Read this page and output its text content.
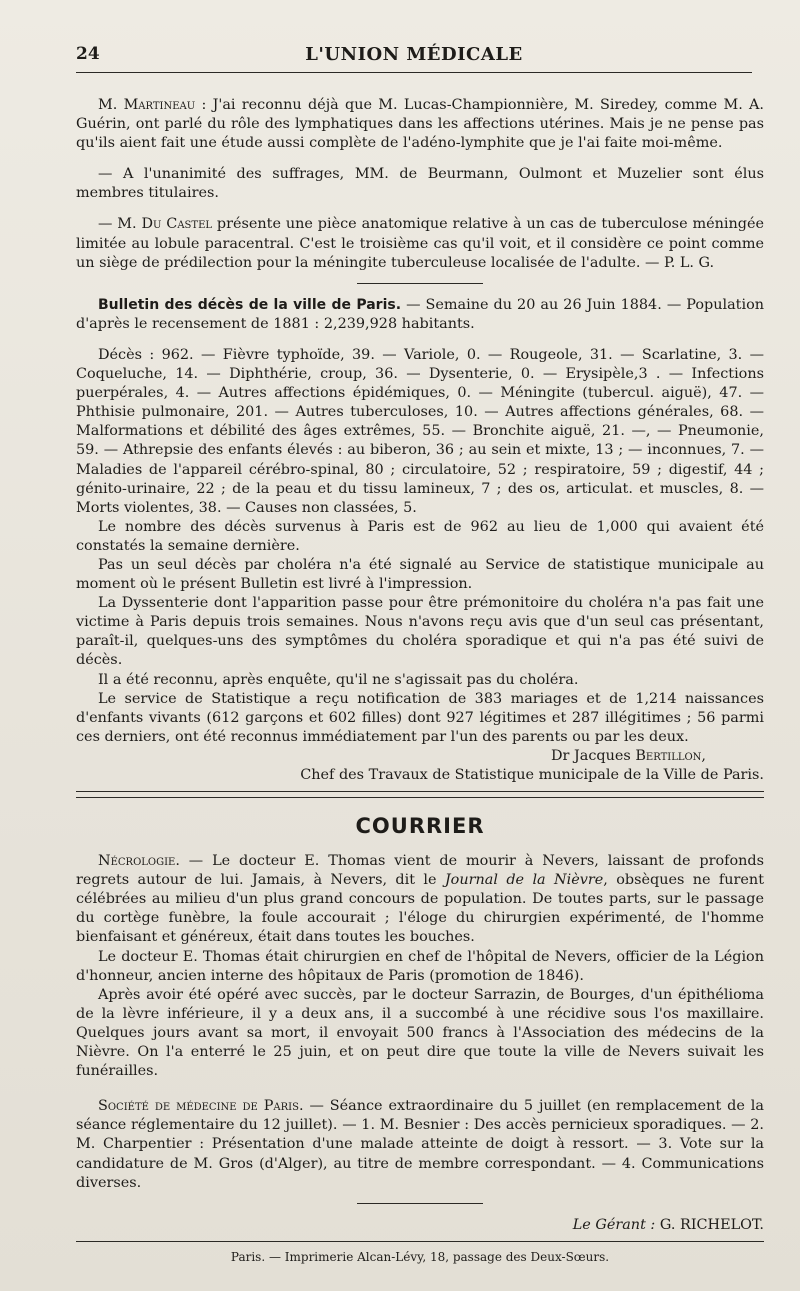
24	L'UNION MÉDICALE

M. Martineau : J'ai reconnu déjà que M. Lucas-Championnière, M. Siredey, comme M. A. Guérin, ont parlé du rôle des lymphatiques dans les affections utérines. Mais je ne pense pas qu'ils aient fait une étude aussi complète de l'adéno-lymphite que je l'ai faite moi-même.

— A l'unanimité des suffrages, MM. de Beurmann, Oulmont et Muzelier sont élus membres titulaires.

— M. Du Castel présente une pièce anatomique relative à un cas de tuberculose méningée limitée au lobule paracentral. C'est le troisième cas qu'il voit, et il considère ce point comme un siège de prédilection pour la méningite tuberculeuse localisée de l'adulte. — P. L. G.

Bulletin des décès de la ville de Paris. — Semaine du 20 au 26 Juin 1884. — Population d'après le recensement de 1881 : 2,239,928 habitants.

Décès : 962. — Fièvre typhoïde, 39. — Variole, 0. — Rougeole, 31. — Scarlatine, 3. — Coqueluche, 14. — Diphthérie, croup, 36. — Dysenterie, 0. — Erysipèle,3 . — Infections puerpérales, 4. — Autres affections épidémiques, 0. — Méningite (tubercul. aiguë), 47. — Phthisie pulmonaire, 201. — Autres tuberculoses, 10. — Autres affections générales, 68. — Malformations et débilité des âges extrêmes, 55. — Bronchite aiguë, 21. —, — Pneumonie, 59. — Athrepsie des enfants élevés : au biberon, 36 ; au sein et mixte, 13 ; — inconnues, 7. — Maladies de l'appareil cérébro-spinal, 80 ; circulatoire, 52 ; respiratoire, 59 ; digestif, 44 ; génito-urinaire, 22 ; de la peau et du tissu lamineux, 7 ; des os, articulat. et muscles, 8. — Morts violentes, 38. — Causes non classées, 5.

Le nombre des décès survenus à Paris est de 962 au lieu de 1,000 qui avaient été constatés la semaine dernière.

Pas un seul décès par choléra n'a été signalé au Service de statistique municipale au moment où le présent Bulletin est livré à l'impression.

La Dyssenterie dont l'apparition passe pour être prémonitoire du choléra n'a pas fait une victime à Paris depuis trois semaines. Nous n'avons reçu avis que d'un seul cas présentant, paraît-il, quelques-uns des symptômes du choléra sporadique et qui n'a pas été suivi de décès.

Il a été reconnu, après enquête, qu'il ne s'agissait pas du choléra.

Le service de Statistique a reçu notification de 383 mariages et de 1,214 naissances d'enfants vivants (612 garçons et 602 filles) dont 927 légitimes et 287 illégitimes ; 56 parmi ces derniers, ont été reconnus immédiatement par l'un des parents ou par les deux.

Dr Jacques Bertillon,
Chef des Travaux de Statistique municipale de la Ville de Paris.
COURRIER

Nécrologie. — Le docteur E. Thomas vient de mourir à Nevers, laissant de profonds regrets autour de lui. Jamais, à Nevers, dit le Journal de la Nièvre, obsèques ne furent célébrées au milieu d'un plus grand concours de population. De toutes parts, sur le passage du cortège funèbre, la foule accourait ; l'éloge du chirurgien expérimenté, de l'homme bienfaisant et généreux, était dans toutes les bouches.

Le docteur E. Thomas était chirurgien en chef de l'hôpital de Nevers, officier de la Légion d'honneur, ancien interne des hôpitaux de Paris (promotion de 1846).

Après avoir été opéré avec succès, par le docteur Sarrazin, de Bourges, d'un épithélioma de la lèvre inférieure, il y a deux ans, il a succombé à une récidive sous l'os maxillaire. Quelques jours avant sa mort, il envoyait 500 francs à l'Association des médecins de la Nièvre. On l'a enterré le 25 juin, et on peut dire que toute la ville de Nevers suivait les funérailles.

Société de médecine de Paris. — Séance extraordinaire du 5 juillet (en remplacement de la séance réglementaire du 12 juillet). — 1. M. Besnier : Des accès pernicieux sporadiques. — 2. M. Charpentier : Présentation d'une malade atteinte de doigt à ressort. — 3. Vote sur la candidature de M. Gros (d'Alger), au titre de membre correspondant. — 4. Communications diverses.

Le Gérant : G. RICHELOT.
Paris. — Imprimerie Alcan-Lévy, 18, passage des Deux-Sœurs.
